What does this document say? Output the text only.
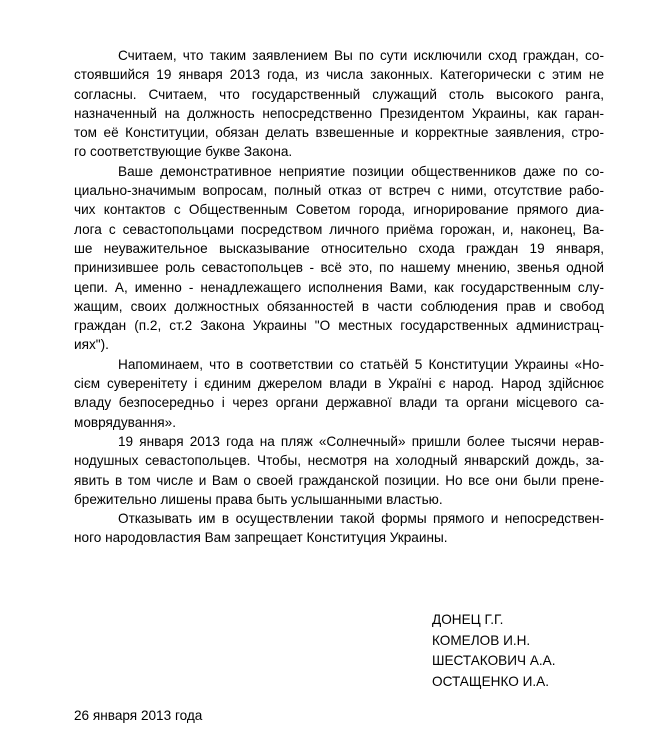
Считаем, что таким заявлением Вы по сути исключили сход граждан, со-
стоявшийся 19 января 2013 года, из числа законных. Категорически с этим не
согласны. Считаем, что государственный служащий столь высокого ранга,
назначенный на должность непосредственно Президентом Украины, как гаран-
том её Конституции, обязан делать взвешенные и корректные заявления, стро-
го соответствующие букве Закона.
Ваше демонстративное неприятие позиции общественников даже по со-
циально-значимым вопросам, полный отказ от встреч с ними, отсутствие рабо-
чих контактов с Общественным Советом города, игнорирование прямого диа-
лога с севастопольцами посредством личного приёма горожан, и, наконец, Ва-
ше неуважительное высказывание относительно схода граждан 19 января,
принизившее роль севастопольцев - всё это, по нашему мнению, звенья одной
цепи. А, именно - ненадлежащего исполнения Вами, как государственным слу-
жащим, своих должностных обязанностей в части соблюдения прав и свобод
граждан (п.2, ст.2 Закона Украины "О местных государственных администрац-
иях").
Напоминаем, что в соответствии со статьёй 5 Конституции Украины «Но-
сієм суверенітету і єдиним джерелом влади в Україні є народ. Народ здійснює
владу безпосередньо і через органи державної влади та органи місцевого са-
моврядування».
19 января 2013 года на пляж «Солнечный» пришли более тысячи нерав-
нодушных севастопольцев. Чтобы, несмотря на холодный январский дождь, за-
явить в том числе и Вам о своей гражданской позиции. Но все они были пренe-
брежительно лишены права быть услышанными властью.
Отказывать им в осуществлении такой формы прямого и непосредствен-
ного народовластия Вам запрещает Конституция Украины.
ДОНЕЦ Г.Г.
КОМЕЛОВ И.Н.
ШЕСТАКОВИЧ А.А.
ОСТАЩЕНКО И.А.
26 января 2013 года
